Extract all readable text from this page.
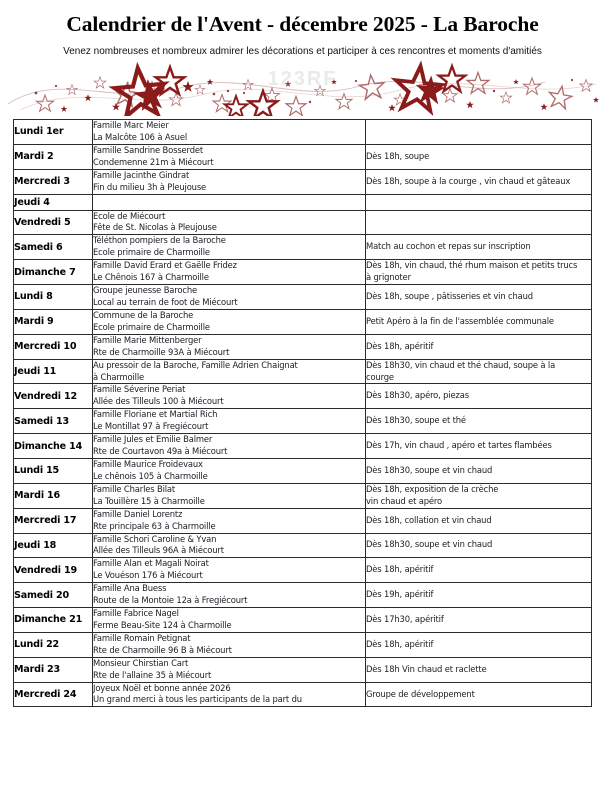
Calendrier de l'Avent - décembre 2025 - La Baroche

Venez nombreuses et nombreux admirer les décorations et participer à ces rencontres et moments d'amitiés

123RF
Lundi 1er	Famille Marc Meier
La Malcôte 106 à Asuel	

Mardi 2	Famille Sandrine Bosserdet
Condemenne 21m à Miécourt	Dès 18h, soupe

Mercredi 3	Famille Jacinthe Gindrat
Fin du milieu 3h à Pleujouse	Dès 18h, soupe à la courge , vin chaud et gâteaux

Jeudi 4		
Vendredi 5	Ecole de Miécourt
Fête de St. Nicolas à Pleujouse	

Samedi 6	Téléthon pompiers de la Baroche
Ecole primaire de Charmoille	Match au cochon et repas sur inscription

Dimanche 7	Famille David Erard et Gaëlle Fridez
Le Chênois 167 à Charmoille	Dès 18h, vin chaud, thé rhum maison et petits trucs
à grignoter

Lundi 8	Groupe jeunesse Baroche
Local au terrain de foot de Miécourt	Dès 18h, soupe , pâtisseries et vin chaud

Mardi 9	Commune de la Baroche
Ecole primaire de Charmoille	Petit Apéro à la fin de l'assemblée communale

Mercredi 10	Famille Marie Mittenberger
Rte de Charmoille 93A à Miécourt	Dès 18h, apéritif

Jeudi 11	Au pressoir de la Baroche, Famille Adrien Chaignat
à Charmoille	Dès 18h30, vin chaud et thé chaud, soupe à la
courge

Vendredi 12	Famille Séverine Periat
Allée des Tilleuls 100 à Miécourt	Dès 18h30, apéro, piezas

Samedi 13	Famille Floriane et Martial Rich
Le Montillat 97 à Fregiécourt	Dès 18h30, soupe et thé

Dimanche 14	Famille Jules et Emilie Balmer
Rte de Courtavon 49a à Miécourt	Dès 17h, vin chaud , apéro et tartes flambées

Lundi 15	Famille Maurice Froidevaux
Le chênois 105 à Charmoille	Dès 18h30, soupe et vin chaud

Mardi 16	Famille Charles Bilat
La Touillère 15 à Charmoille	Dès 18h, exposition de la crèche
vin chaud et apéro

Mercredi 17	Famille Daniel Lorentz
Rte principale 63 à Charmoille	Dès 18h, collation et vin chaud

Jeudi 18	Famille Schori Caroline & Yvan
Allée des Tilleuls 96A à Miécourt	Dès 18h30, soupe et vin chaud

Vendredi 19	Famille Alan et Magali Noirat
Le Vouéson 176 à Miécourt	Dès 18h, apéritif

Samedi 20	Famille Ana Buess
Route de la Montoie 12a à Fregiécourt	Dès 19h, apéritif

Dimanche 21	Famille Fabrice Nagel
Ferme Beau-Site 124 à Charmoille	Dès 17h30, apéritif

Lundi 22	Famille Romain Petignat
Rte de Charmoille 96 B à Miécourt	Dès 18h, apéritif

Mardi 23	Monsieur Chirstian Cart
Rte de l'allaine 35 à Miécourt	Dès 18h Vin chaud et raclette

Mercredi 24	Joyeux Noël et bonne année 2026
Un grand merci à tous les participants de la part du	Groupe de développement
